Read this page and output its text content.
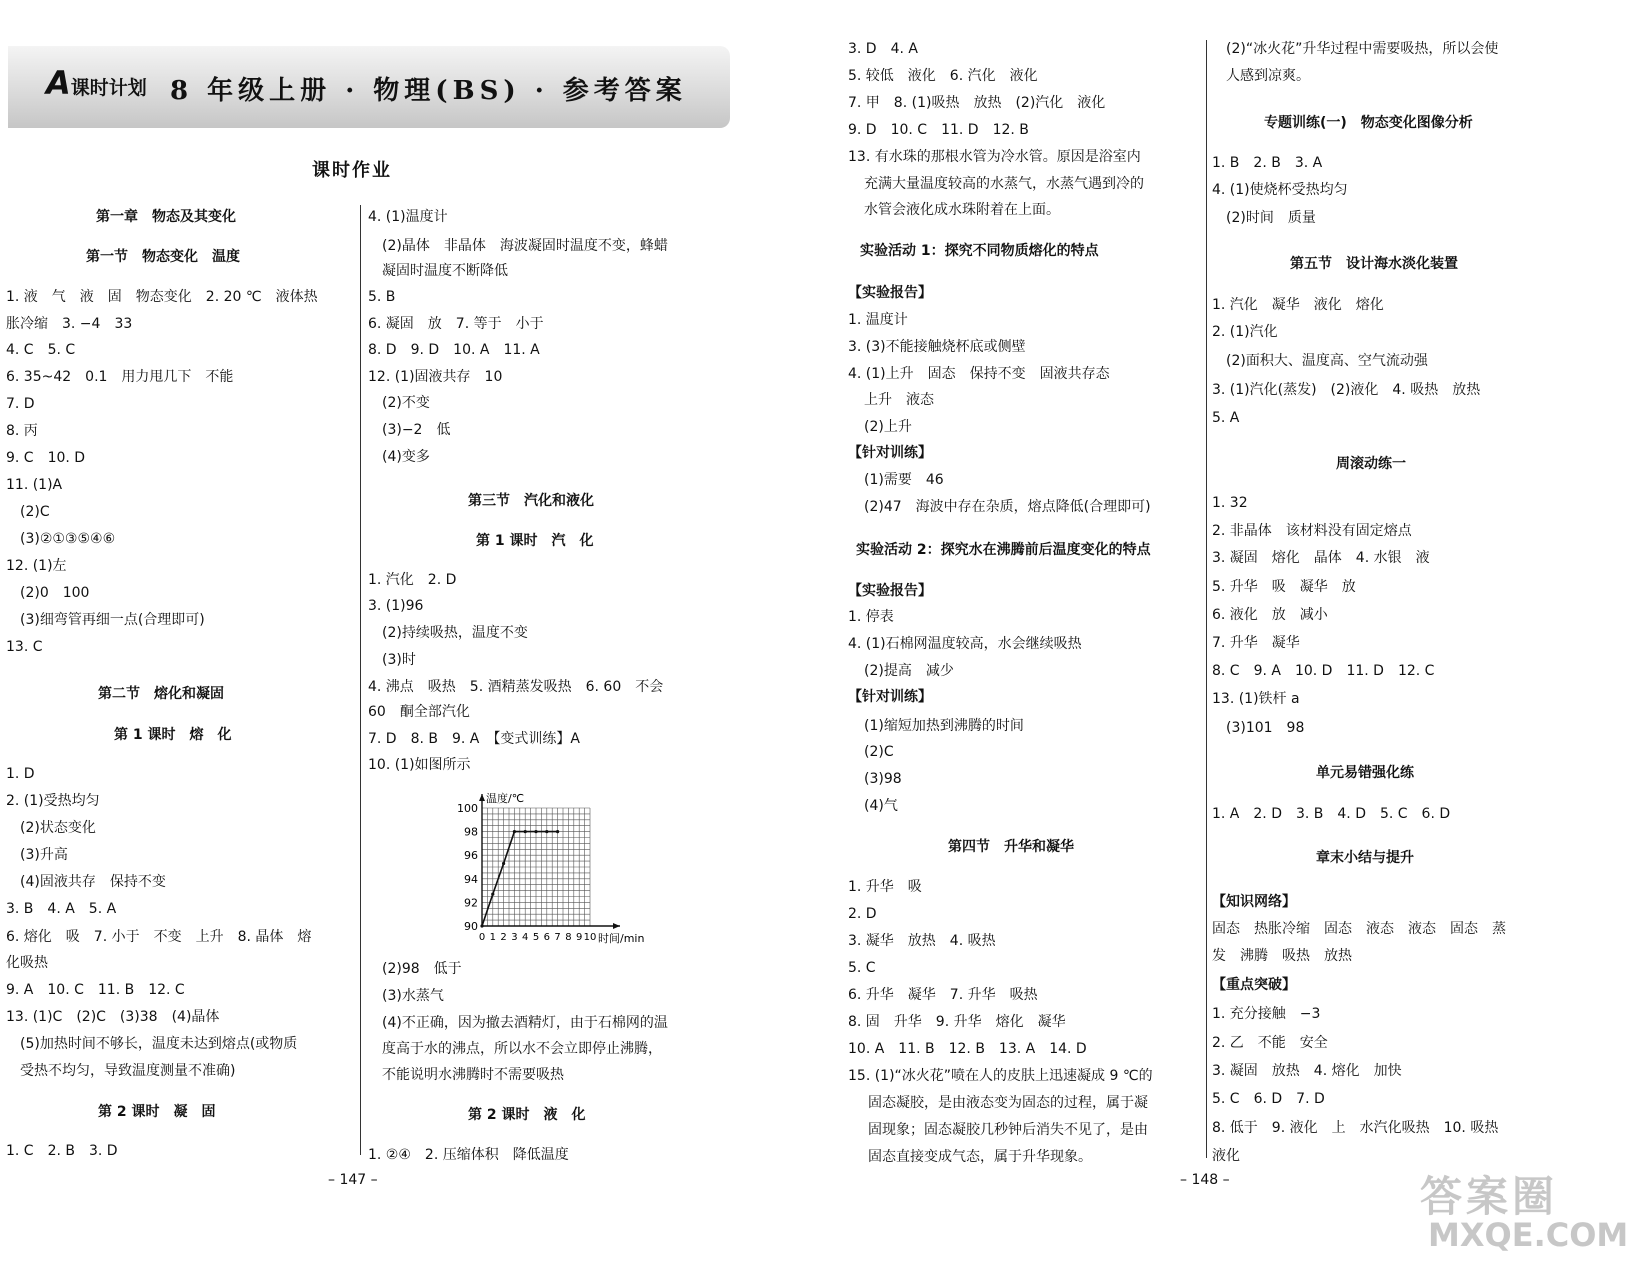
A课时计划 8 年级上册 · 物理(BS) · 参考答案
课时作业
第一章　物态及其变化
第一节　物态变化　温度
1. 液　气　液　固　物态变化　2. 20 ℃　液体热
胀冷缩　3. −4　33
4. C　5. C
6. 35~42　0.1　用力甩几下　不能
7. D
8. 丙
9. C　10. D
11. (1)A
(2)C
(3)②①③⑤④⑥
12. (1)左
(2)0　100
(3)细弯管再细一点(合理即可)
13. C
第二节　熔化和凝固
第 1 课时　熔　化
1. D
2. (1)受热均匀
(2)状态变化
(3)升高
(4)固液共存　保持不变
3. B　4. A　5. A
6. 熔化　吸　7. 小于　不变　上升　8. 晶体　熔
化吸热
9. A　10. C　11. B　12. C
13. (1)C　(2)C　(3)38　(4)晶体
(5)加热时间不够长，温度未达到熔点(或物质
受热不均匀，导致温度测量不准确)
第 2 课时　凝　固
1. C　2. B　3. D
4. (1)温度计
(2)晶体　非晶体　海波凝固时温度不变，蜂蜡
凝固时温度不断降低
5. B
6. 凝固　放　7. 等于　小于
8. D　9. D　10. A　11. A
12. (1)固液共存　10
(2)不变
(3)−2　低
(4)变多
第三节　汽化和液化
第 1 课时　汽　化
1. 汽化　2. D
3. (1)96
(2)持续吸热，温度不变
(3)时
4. 沸点　吸热　5. 酒精蒸发吸热　6. 60　不会
60　酮全部汽化
7. D　8. B　9. A　【变式训练】A
10. (1)如图所示
(2)98　低于
(3)水蒸气
(4)不正确，因为撤去酒精灯，由于石棉网的温
度高于水的沸点，所以水不会立即停止沸腾，
不能说明水沸腾时不需要吸热
第 2 课时　液　化
1. ②④　2. 压缩体积　降低温度
90
92
94
96
98
100
0 1 2 3 4 5 6 7 8 9 10
温度/℃
时间/min
– 147 –
3. D　4. A
5. 较低　液化　6. 汽化　液化
7. 甲　8. (1)吸热　放热　(2)汽化　液化
9. D　10. C　11. D　12. B
13. 有水珠的那根水管为冷水管。原因是浴室内
充满大量温度较高的水蒸气，水蒸气遇到冷的
水管会液化成水珠附着在上面。
实验活动 1：探究不同物质熔化的特点
【实验报告】
1. 温度计
3. (3)不能接触烧杯底或侧壁
4. (1)上升　固态　保持不变　固液共存态
上升　液态
(2)上升
【针对训练】
(1)需要　46
(2)47　海波中存在杂质，熔点降低(合理即可)
实验活动 2：探究水在沸腾前后温度变化的特点
【实验报告】
1. 停表
4. (1)石棉网温度较高，水会继续吸热
(2)提高　减少
【针对训练】
(1)缩短加热到沸腾的时间
(2)C
(3)98
(4)气
第四节　升华和凝华
1. 升华　吸
2. D
3. 凝华　放热　4. 吸热
5. C
6. 升华　凝华　7. 升华　吸热
8. 固　升华　9. 升华　熔化　凝华
10. A　11. B　12. B　13. A　14. D
15. (1)“冰火花”喷在人的皮肤上迅速凝成 9 ℃的
固态凝胶，是由液态变为固态的过程，属于凝
固现象；固态凝胶几秒钟后消失不见了，是由
固态直接变成气态，属于升华现象。
(2)“冰火花”升华过程中需要吸热，所以会使
人感到凉爽。
专题训练(一)　物态变化图像分析
1. B　2. B　3. A
4. (1)使烧杯受热均匀
(2)时间　质量
第五节　设计海水淡化装置
1. 汽化　凝华　液化　熔化
2. (1)汽化
(2)面积大、温度高、空气流动强
3. (1)汽化(蒸发)　(2)液化　4. 吸热　放热
5. A
周滚动练一
1. 32
2. 非晶体　该材料没有固定熔点
3. 凝固　熔化　晶体　4. 水银　液
5. 升华　吸　凝华　放
6. 液化　放　减小
7. 升华　凝华
8. C　9. A　10. D　11. D　12. C
13. (1)铁杆 a
(3)101　98
单元易错强化练
1. A　2. D　3. B　4. D　5. C　6. D
章末小结与提升
【知识网络】
固态　热胀冷缩　固态　液态　液态　固态　蒸
发　沸腾　吸热　放热
【重点突破】
1. 充分接触　−3
2. 乙　不能　安全
3. 凝固　放热　4. 熔化　加快
5. C　6. D　7. D
8. 低于　9. 液化　上　水汽化吸热　10. 吸热
液化
– 148 –	答案圈
MXQE.COM
